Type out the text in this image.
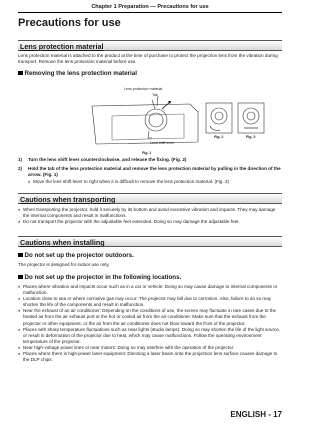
Chapter 1 Preparation — Precautions for use
Precautions for use
Lens protection material

Lens protection material is attached to the product at the time of purchase to protect the projection lens from the vibration during transport. Remove the lens protection material before use.

Removing the lens protection material
Lens protection material
Tab
Lens shift lever
Fig. 1
Fig. 2	Fig. 3
1) Turn the lens shift lever counterclockwise, and release the fixing. (Fig. 2)
2) Hold the tab of the lens protection material and remove the lens protection material by pulling in the direction of the arrow. (Fig. 1)
● Move the lens shift lever to right when it is difficult to remove the lens protection material. (Fig. 3)
Cautions when transporting
● When transporting the projector, hold it securely by its bottom and avoid excessive vibration and impacts. They may damage the internal components and result in malfunctions.
● Do not transport the projector with the adjustable feet extended. Doing so may damage the adjustable feet.
Cautions when installing
Do not set up the projector outdoors.

The projector is designed for indoor use only.

Do not set up the projector in the following locations.
● Places where vibration and impacts occur such as in a car or vehicle: Doing so may cause damage to internal components or malfunction.
● Location close to sea or where corrosive gas may occur: The projector may fall due to corrosion. Also, failure to do so may shorten the life of the components and result in malfunction.
● Near the exhaust of an air conditioner: Depending on the conditions of use, the screen may fluctuate in rare cases due to the heated air from the air exhaust port or the hot or cooled air from the air conditioner. Make sure that the exhaust from the projector or other equipment, or the air from the air conditioner does not blow toward the front of the projector.
● Places with sharp temperature fluctuations such as near lights (studio lamps): Doing so may shorten the life of the light source, or result in deformation of the projector due to heat, which may cause malfunctions. Follow the operating environment temperature of the projector.
● Near high-voltage power lines or near motors: Doing so may interfere with the operation of the projector.
● Places where there is high-power laser equipment: Directing a laser beam onto the projection lens surface causes damage to the DLP chips.

ENGLISH - 17
